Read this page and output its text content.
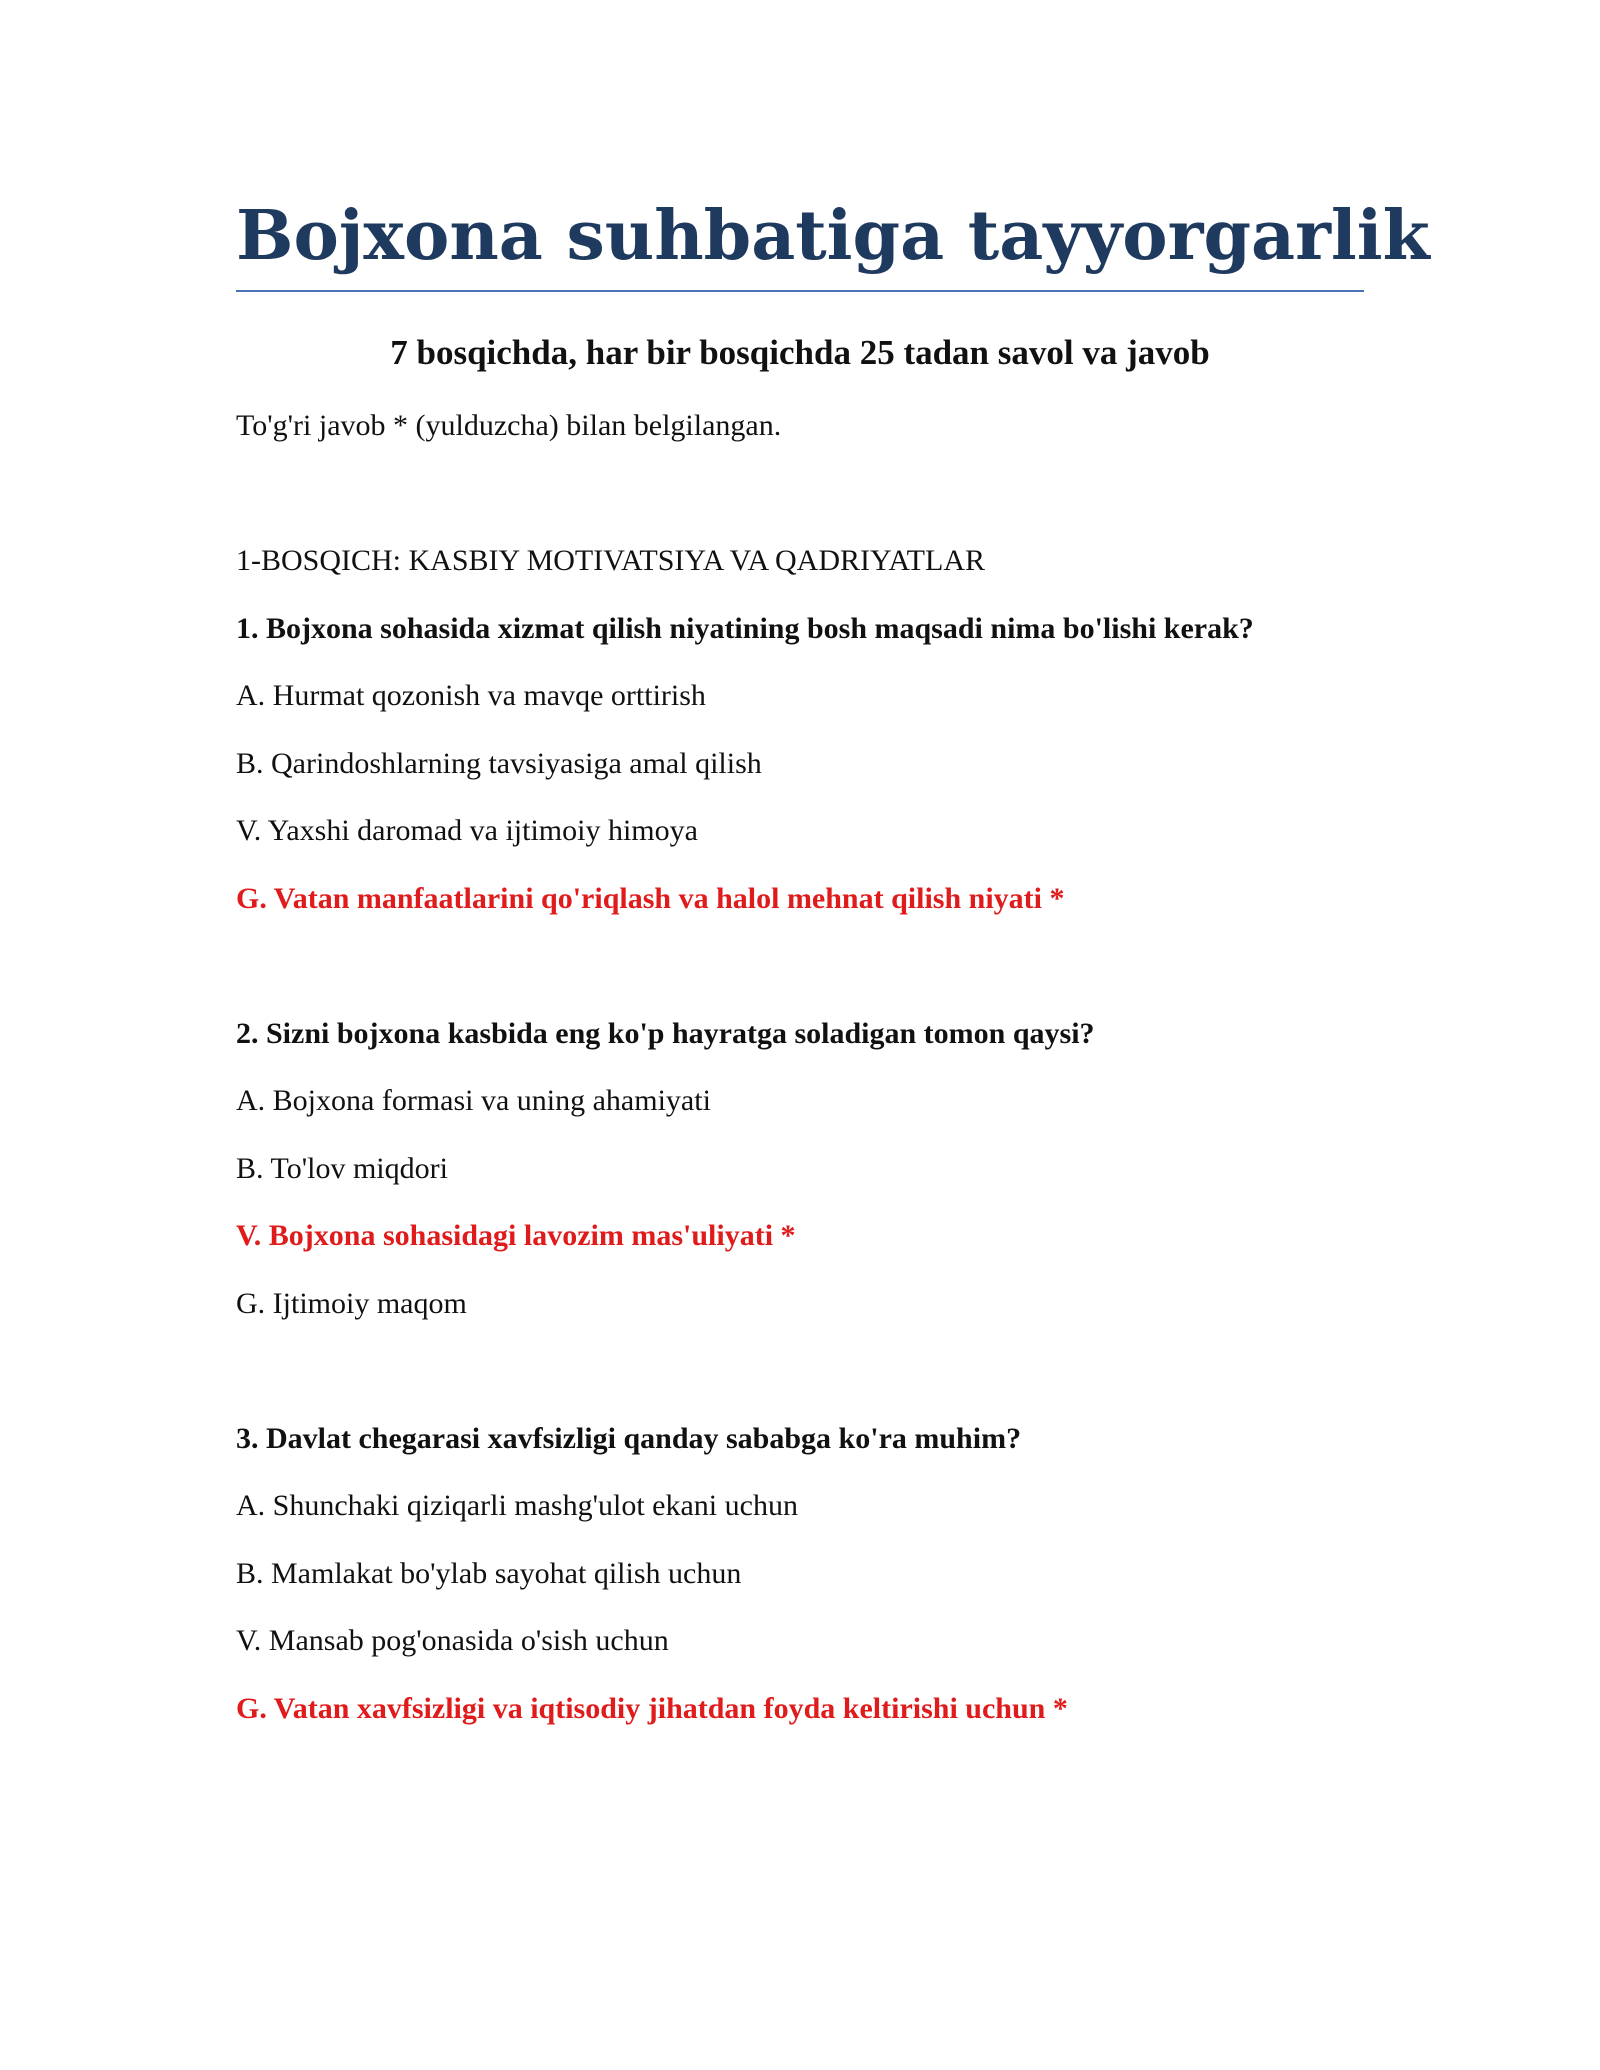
Bojxona suhbatiga tayyorgarlik
7 bosqichda, har bir bosqichda 25 tadan savol va javob

To'g'ri javob * (yulduzcha) bilan belgilangan.

1-BOSQICH: KASBIY MOTIVATSIYA VA QADRIYATLAR

1. Bojxona sohasida xizmat qilish niyatining bosh maqsadi nima bo'lishi kerak?

A. Hurmat qozonish va mavqe orttirish

B. Qarindoshlarning tavsiyasiga amal qilish

V. Yaxshi daromad va ijtimoiy himoya

G. Vatan manfaatlarini qo'riqlash va halol mehnat qilish niyati *

2. Sizni bojxona kasbida eng ko'p hayratga soladigan tomon qaysi?

A. Bojxona formasi va uning ahamiyati

B. To'lov miqdori

V. Bojxona sohasidagi lavozim mas'uliyati *

G. Ijtimoiy maqom

3. Davlat chegarasi xavfsizligi qanday sababga ko'ra muhim?

A. Shunchaki qiziqarli mashg'ulot ekani uchun

B. Mamlakat bo'ylab sayohat qilish uchun

V. Mansab pog'onasida o'sish uchun

G. Vatan xavfsizligi va iqtisodiy jihatdan foyda keltirishi uchun *
